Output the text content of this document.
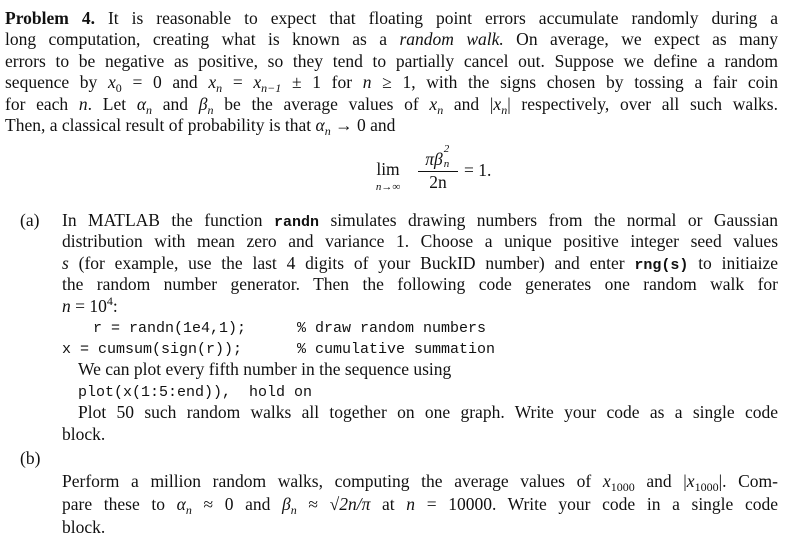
Problem 4. It is reasonable to expect that floating point errors accumulate randomly during a
long computation, creating what is known as a random walk. On average, we expect as many
errors to be negative as positive, so they tend to partially cancel out. Suppose we define a random
sequence by $x_0 = 0$ and $x_n = x_{n-1} \pm 1$ for n ≥ 1, with the signs chosen by tossing a fair coin
for each n. Let $\alpha_n$ and $\beta_n$ be the average values of $x_n$ and $|x_n|$ respectively, over all such walks.
Then, a classical result of probability is that $\alpha_n \to 0$ and
(a) In MATLAB the function randn simulates drawing numbers from the normal or Gaussian
distribution with mean zero and variance 1. Choose a unique positive integer seed values
s (for example, use the last 4 digits of your BuckID number) and enter rng(s) to initiaize
the random number generator. Then the following code generates one random walk for
$n = 10^4$:
We can plot every fifth number in the sequence using
Plot 50 such random walks all together on one graph. Write your code as a single code
block.
(b)
Perform a million random walks, computing the average values of $x_{1000}$ and $|x_{1000}|$. Com-
pare these to $\alpha_n \approx 0$ and $\beta_n \approx √2n/\pi$ at n = 10000. Write your code in a single code
block.
lim
n→∞
πβ 2
n
2n
= 1.
r = randn(1e4,1);	% draw random numbers
x = cumsum(sign(r));	% cumulative summation
plot(x(1:5:end)),  hold on
